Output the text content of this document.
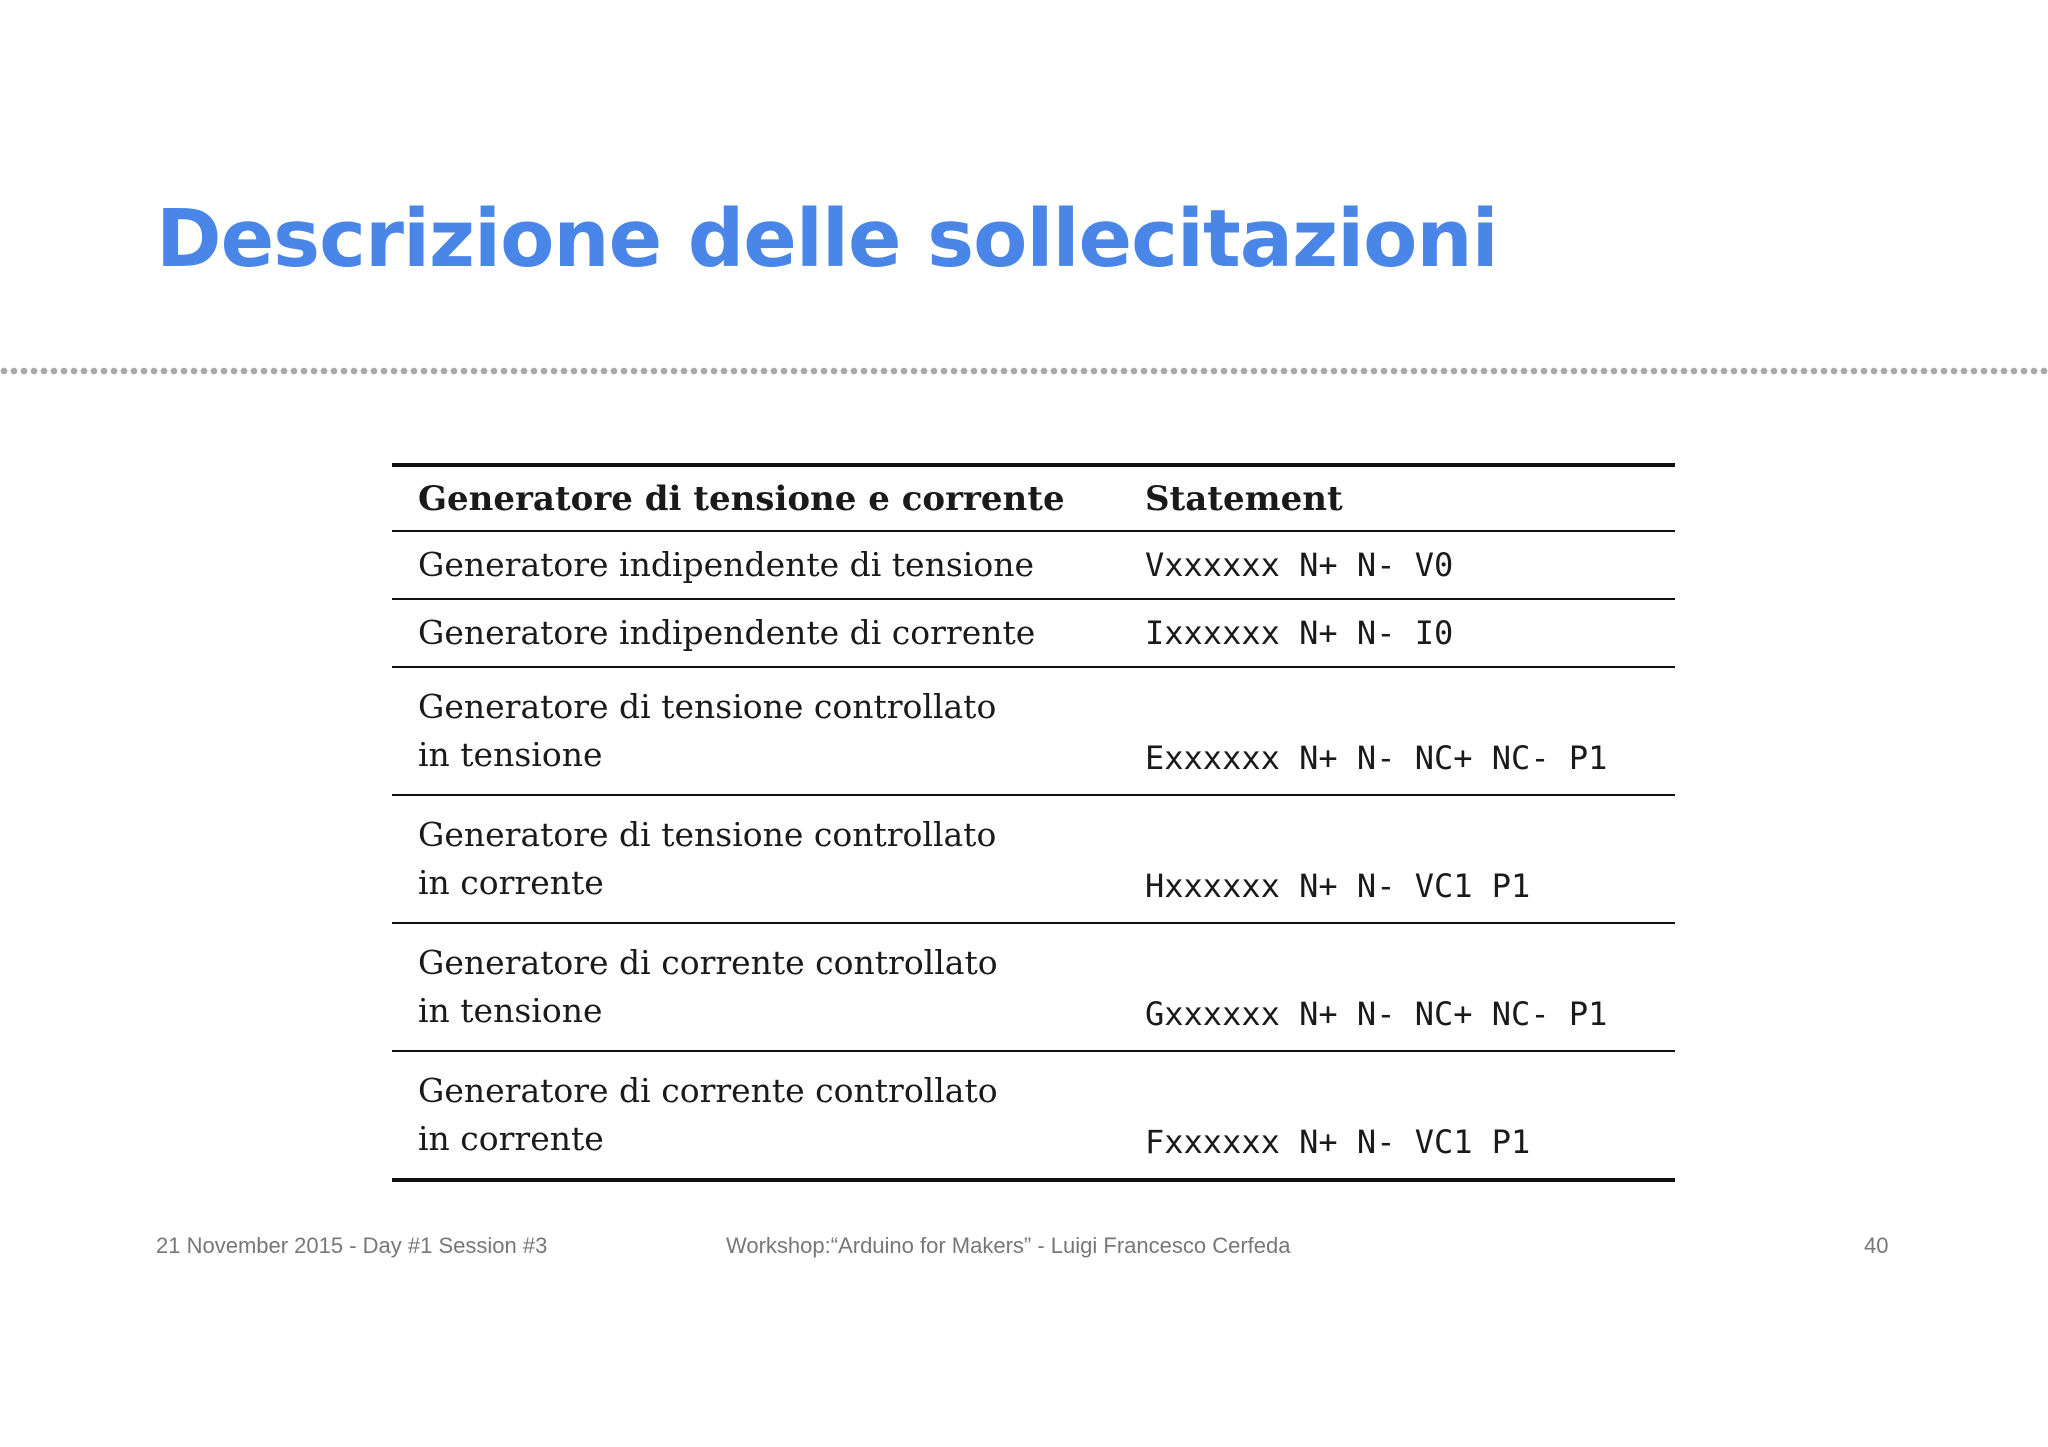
Descrizione delle sollecitazioni
Generatore di tensione e corrente	Statement

Generatore indipendente di tensione	Vxxxxxx N+ N- V0

Generatore indipendente di corrente	Ixxxxxx N+ N- I0

Generatore di tensione controllato
in tensione	Exxxxxx N+ N- NC+ NC- P1

Generatore di tensione controllato
in corrente	Hxxxxxx N+ N- VC1 P1

Generatore di corrente controllato
in tensione	Gxxxxxx N+ N- NC+ NC- P1

Generatore di corrente controllato
in corrente	Fxxxxxx N+ N- VC1 P1
21 November 2015 - Day #1 Session #3	Workshop:“Arduino for Makers” - Luigi Francesco Cerfeda	40
